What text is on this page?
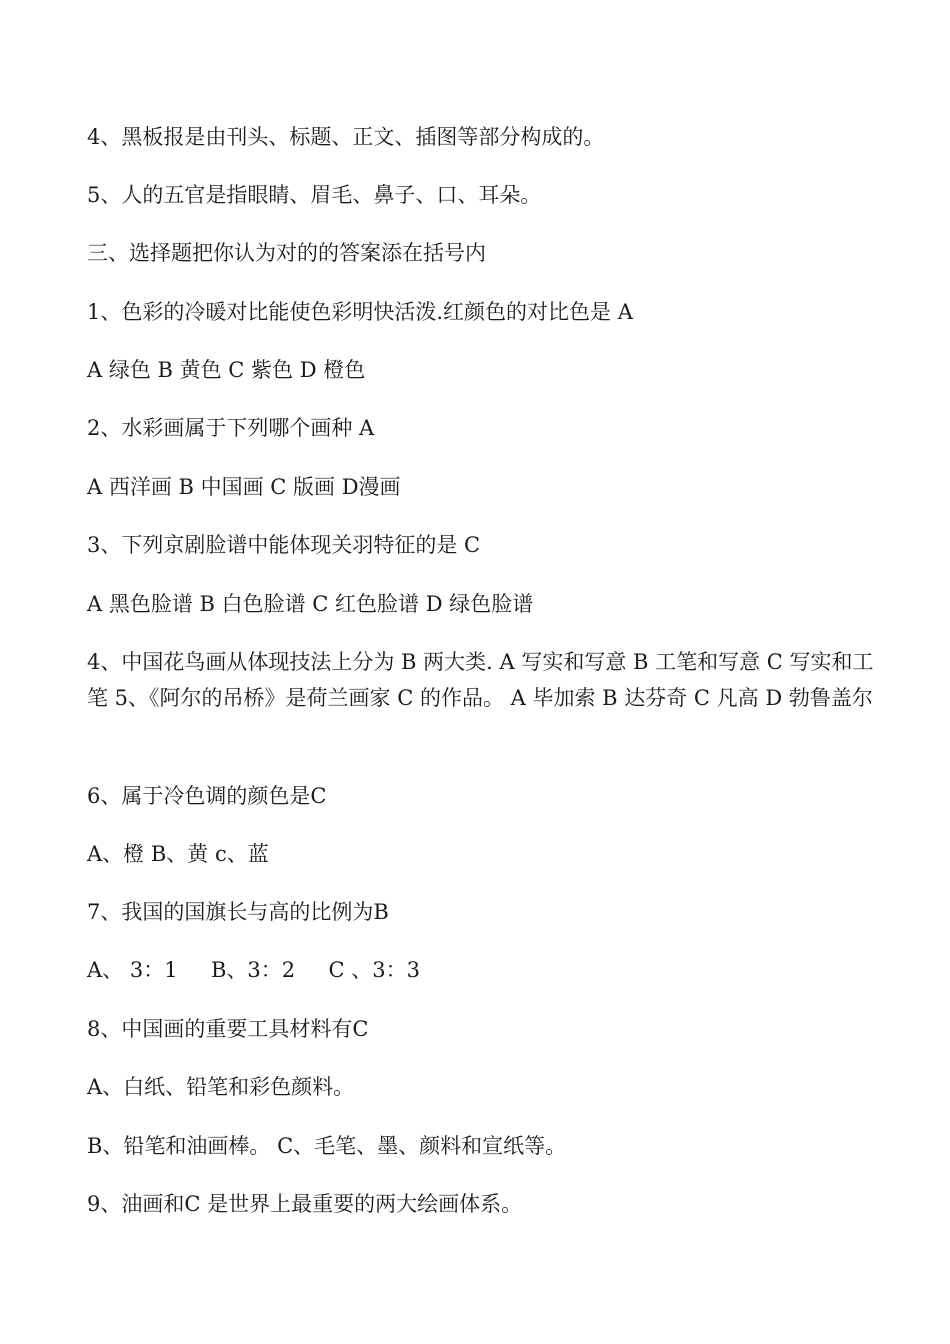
4、黑板报是由刊头、标题、正文、插图等部分构成的。
5、人的五官是指眼睛、眉毛、鼻子、口、耳朵。
三、选择题把你认为对的的答案添在括号内
1、色彩的冷暖对比能使色彩明快活泼.红颜色的对比色是 A
A 绿色 B 黄色 C 紫色 D 橙色
2、水彩画属于下列哪个画种 A
A 西洋画 B 中国画 C 版画 D漫画
3、下列京剧脸谱中能体现关羽特征的是 C
A 黑色脸谱 B 白色脸谱 C 红色脸谱 D 绿色脸谱
4、中国花鸟画从体现技法上分为 B 两大类. A 写实和写意 B 工笔和写意 C 写实和工笔 5、《阿尔的吊桥》是荷兰画家 C 的作品。 A 毕加索 B 达芬奇 C 凡高 D 勃鲁盖尔
6、属于冷色调的颜色是C
A、橙 B、黄 c、蓝
7、我国的国旗长与高的比例为B
A、 3：1     B、3：2     C 、3：3
8、中国画的重要工具材料有C
A、白纸、铅笔和彩色颜料。
B、铅笔和油画棒。 C、毛笔、墨、颜料和宣纸等。
9、油画和C 是世界上最重要的两大绘画体系。
